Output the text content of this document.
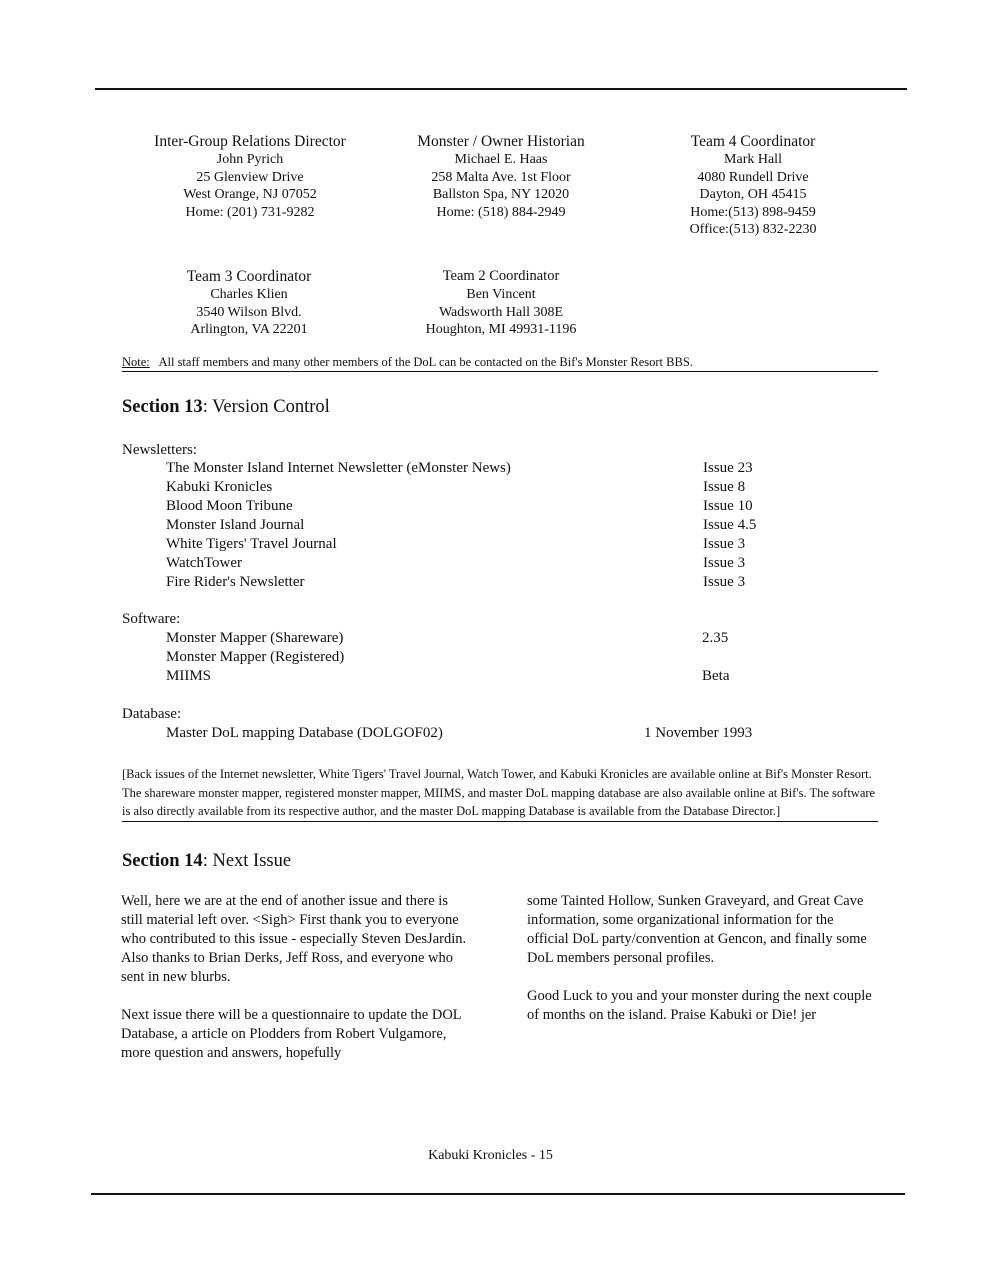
Inter-Group Relations Director
John Pyrich
25 Glenview Drive
West Orange, NJ 07052
Home: (201) 731-9282
Monster / Owner Historian
Michael E. Haas
258 Malta Ave. 1st Floor
Ballston Spa, NY 12020
Home: (518) 884-2949
Team 4 Coordinator
Mark Hall
4080 Rundell Drive
Dayton, OH 45415
Home:(513) 898-9459
Office:(513) 832-2230
Team 3 Coordinator
Charles Klien
3540 Wilson Blvd.
Arlington, VA 22201
Team 2 Coordinator
Ben Vincent
Wadsworth Hall 308E
Houghton, MI 49931-1196
Note: All staff members and many other members of the DoL can be contacted on the Bif's Monster Resort BBS.
Section 13: Version Control
Newsletters:
The Monster Island Internet Newsletter (eMonster News)	Issue 23
Kabuki Kronicles	Issue 8
Blood Moon Tribune	Issue 10
Monster Island Journal	Issue 4.5
White Tigers' Travel Journal	Issue 3
WatchTower	Issue 3
Fire Rider's Newsletter	Issue 3
Software:
Monster Mapper (Shareware)	2.35
Monster Mapper (Registered)
MIIMS	Beta
Database:
Master DoL mapping Database (DOLGOF02)	1 November 1993
[Back issues of the Internet newsletter, White Tigers' Travel Journal, Watch Tower, and Kabuki Kronicles are available online at Bif's Monster Resort. The shareware monster mapper, registered monster mapper, MIIMS, and master DoL mapping database are also available online at Bif's. The software is also directly available from its respective author, and the master DoL mapping Database is available from the Database Director.]
Section 14: Next Issue

Well, here we are at the end of another issue and there is still material left over. <Sigh> First thank you to everyone who contributed to this issue - especially Steven DesJardin. Also thanks to Brian Derks, Jeff Ross, and everyone who sent in new blurbs.

Next issue there will be a questionnaire to update the DOL Database, a article on Plodders from Robert Vulgamore, more question and answers, hopefully

some Tainted Hollow, Sunken Graveyard, and Great Cave information, some organizational information for the official DoL party/convention at Gencon, and finally some DoL members personal profiles.

Good Luck to you and your monster during the next couple of months on the island. Praise Kabuki or Die! jer

Kabuki Kronicles - 15
